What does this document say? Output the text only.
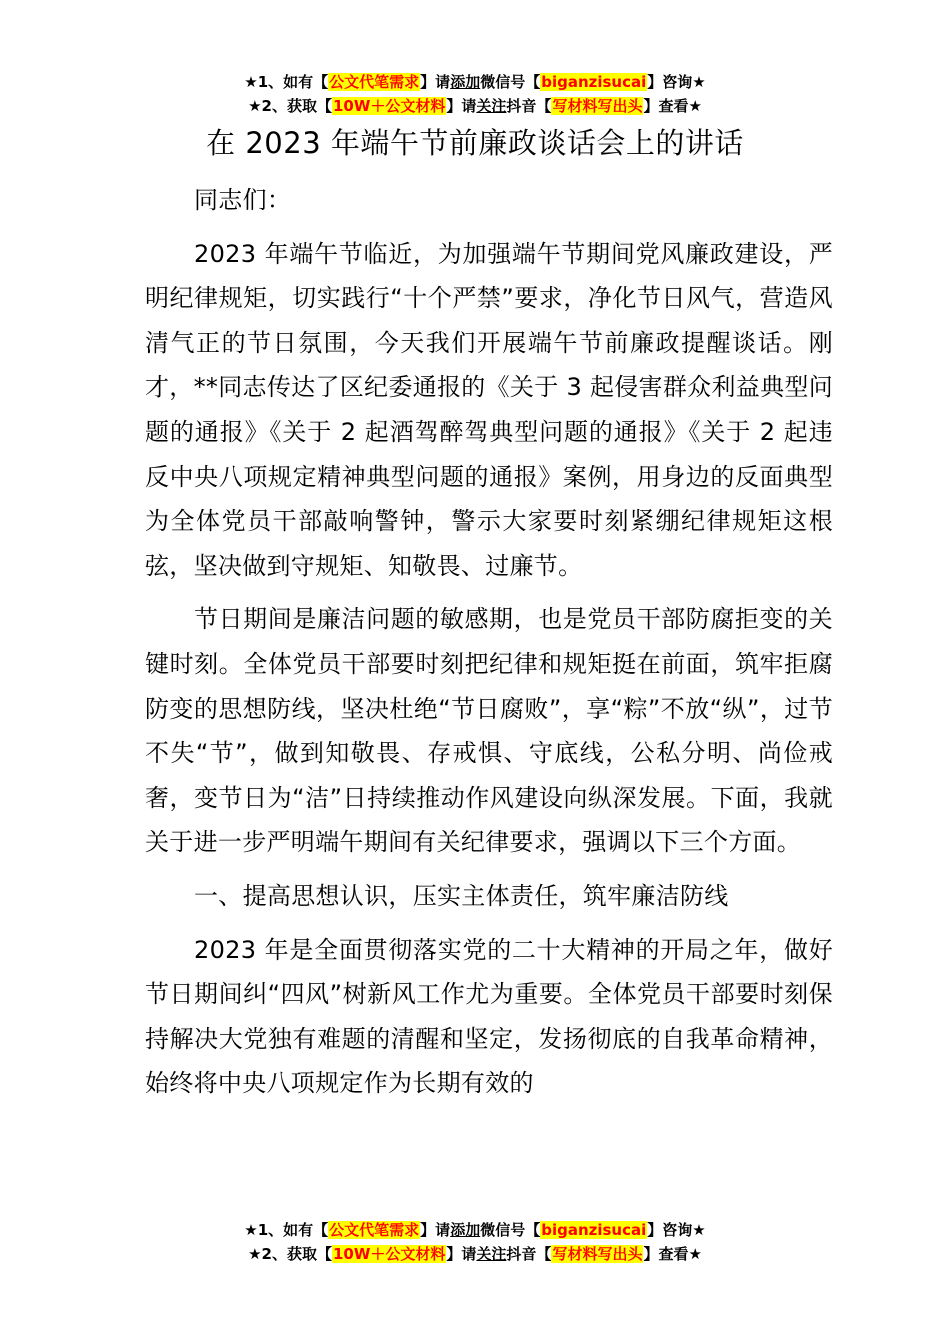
★1、如有【公文代笔需求】请添加微信号【biganzisucai】咨询★
★2、获取【10W＋公文材料】请关注抖音【写材料写出头】查看★
在 2023 年端午节前廉政谈话会上的讲话

同志们：

2023 年端午节临近，为加强端午节期间党风廉政建设，严明纪律规矩，切实践行“十个严禁”要求，净化节日风气，营造风清气正的节日氛围，今天我们开展端午节前廉政提醒谈话。刚才，**同志传达了区纪委通报的《关于 3 起侵害群众利益典型问题的通报》《关于 2 起酒驾醉驾典型问题的通报》《关于 2 起违反中央八项规定精神典型问题的通报》案例，用身边的反面典型为全体党员干部敲响警钟，警示大家要时刻紧绷纪律规矩这根弦，坚决做到守规矩、知敬畏、过廉节。

节日期间是廉洁问题的敏感期，也是党员干部防腐拒变的关键时刻。全体党员干部要时刻把纪律和规矩挺在前面，筑牢拒腐防变的思想防线，坚决杜绝“节日腐败”，享“粽”不放“纵”，过节不失“节”，做到知敬畏、存戒惧、守底线，公私分明、尚俭戒奢，变节日为“洁”日持续推动作风建设向纵深发展。下面，我就关于进一步严明端午期间有关纪律要求，强调以下三个方面。

一、提高思想认识，压实主体责任，筑牢廉洁防线

2023 年是全面贯彻落实党的二十大精神的开局之年，做好节日期间纠“四风”树新风工作尤为重要。全体党员干部要时刻保持解决大党独有难题的清醒和坚定，发扬彻底的自我革命精神，始终将中央八项规定作为长期有效的

★1、如有【公文代笔需求】请添加微信号【biganzisucai】咨询★
★2、获取【10W＋公文材料】请关注抖音【写材料写出头】查看★
